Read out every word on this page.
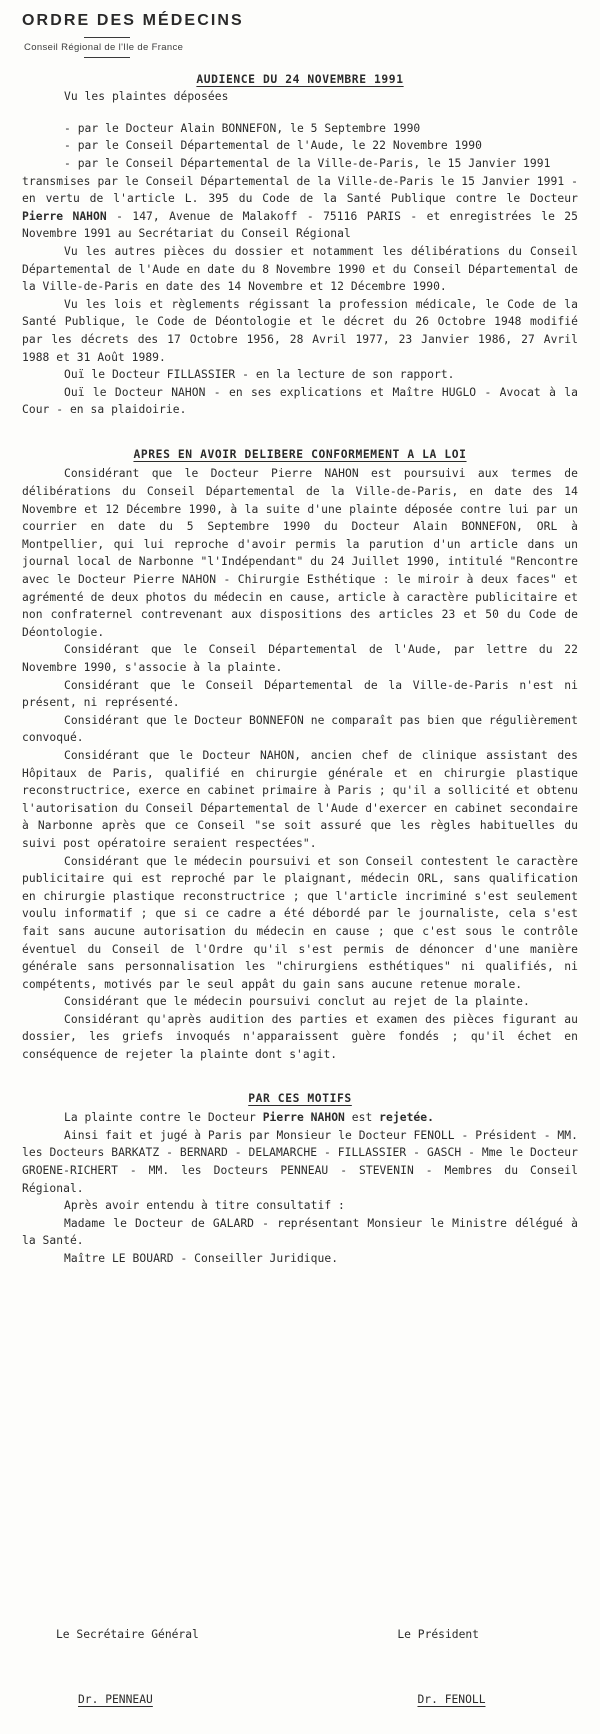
ORDRE DES MÉDECINS
Conseil Régional de l'Ile de France
AUDIENCE DU 24 NOVEMBRE 1991

Vu les plaintes déposées

- par le Docteur Alain BONNEFON, le 5 Septembre 1990
- par le Conseil Départemental de l'Aude, le 22 Novembre 1990
- par le Conseil Départemental de la Ville-de-Paris, le 15 Janvier 1991

transmises par le Conseil Départemental de la Ville-de-Paris le 15 Janvier 1991 - en vertu de l'article L. 395 du Code de la Santé Publique contre le Docteur Pierre NAHON - 147, Avenue de Malakoff - 75116 PARIS - et enregistrées le 25 Novembre 1991 au Secrétariat du Conseil Régional

Vu les autres pièces du dossier et notamment les délibérations du Conseil Départemental de l'Aude en date du 8 Novembre 1990 et du Conseil Départemental de la Ville-de-Paris en date des 14 Novembre et 12 Décembre 1990.

Vu les lois et règlements régissant la profession médicale, le Code de la Santé Publique, le Code de Déontologie et le décret du 26 Octobre 1948 modifié par les décrets des 17 Octobre 1956, 28 Avril 1977, 23 Janvier 1986, 27 Avril 1988 et 31 Août 1989.

Ouï le Docteur FILLASSIER - en la lecture de son rapport.

Ouï le Docteur NAHON - en ses explications et Maître HUGLO - Avocat à la Cour - en sa plaidoirie.

APRES EN AVOIR DELIBERE CONFORMEMENT A LA LOI

Considérant que le Docteur Pierre NAHON est poursuivi aux termes de délibérations du Conseil Départemental de la Ville-de-Paris, en date des 14 Novembre et 12 Décembre 1990, à la suite d'une plainte déposée contre lui par un courrier en date du 5 Septembre 1990 du Docteur Alain BONNEFON, ORL à Montpellier, qui lui reproche d'avoir permis la parution d'un article dans un journal local de Narbonne "l'Indépendant" du 24 Juillet 1990, intitulé "Rencontre avec le Docteur Pierre NAHON - Chirurgie Esthétique : le miroir à deux faces" et agrémenté de deux photos du médecin en cause, article à caractère publicitaire et non confraternel contrevenant aux dispositions des articles 23 et 50 du Code de Déontologie.

Considérant que le Conseil Départemental de l'Aude, par lettre du 22 Novembre 1990, s'associe à la plainte.

Considérant que le Conseil Départemental de la Ville-de-Paris n'est ni présent, ni représenté.

Considérant que le Docteur BONNEFON ne comparaît pas bien que régulièrement convoqué.

Considérant que le Docteur NAHON, ancien chef de clinique assistant des Hôpitaux de Paris, qualifié en chirurgie générale et en chirurgie plastique reconstructrice, exerce en cabinet primaire à Paris ; qu'il a sollicité et obtenu l'autorisation du Conseil Départemental de l'Aude d'exercer en cabinet secondaire à Narbonne après que ce Conseil "se soit assuré que les règles habituelles du suivi post opératoire seraient respectées".

Considérant que le médecin poursuivi et son Conseil contestent le caractère publicitaire qui est reproché par le plaignant, médecin ORL, sans qualification en chirurgie plastique reconstructrice ; que l'article incriminé s'est seulement voulu informatif ; que si ce cadre a été débordé par le journaliste, cela s'est fait sans aucune autorisation du médecin en cause ; que c'est sous le contrôle éventuel du Conseil de l'Ordre qu'il s'est permis de dénoncer d'une manière générale sans personnalisation les "chirurgiens esthétiques" ni qualifiés, ni compétents, motivés par le seul appât du gain sans aucune retenue morale.

Considérant que le médecin poursuivi conclut au rejet de la plainte.

Considérant qu'après audition des parties et examen des pièces figurant au dossier, les griefs invoqués n'apparaissent guère fondés ; qu'il échet en conséquence de rejeter la plainte dont s'agit.

PAR CES MOTIFS

La plainte contre le Docteur Pierre NAHON est rejetée.

Ainsi fait et jugé à Paris par Monsieur le Docteur FENOLL - Président - MM. les Docteurs BARKATZ - BERNARD - DELAMARCHE - FILLASSIER - GASCH - Mme le Docteur GROENE-RICHERT - MM. les Docteurs PENNEAU - STEVENIN - Membres du Conseil Régional.

Après avoir entendu à titre consultatif :

Madame le Docteur de GALARD - représentant Monsieur le Ministre délégué à la Santé.

Maître LE BOUARD - Conseiller Juridique.

Le Secrétaire Général	Le Président
Dr. PENNEAU	Dr. FENOLL
